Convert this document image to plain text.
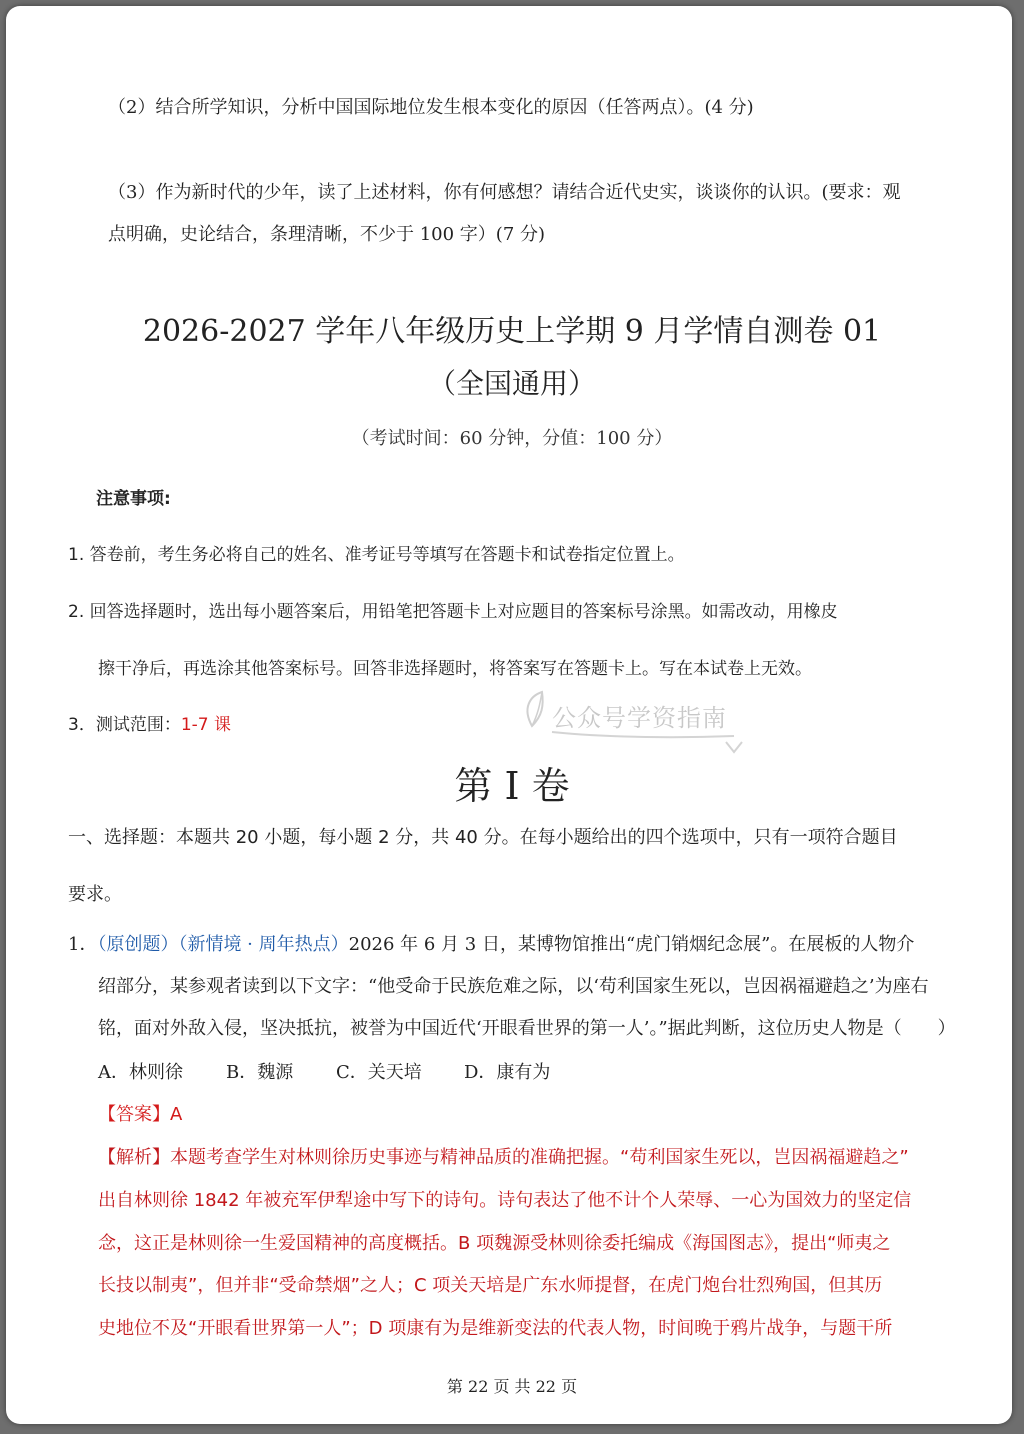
（2）结合所学知识，分析中国国际地位发生根本变化的原因（任答两点）。(4 分)
（3）作为新时代的少年，读了上述材料，你有何感想？请结合近代史实，谈谈你的认识。(要求：观
点明确，史论结合，条理清晰，不少于 100 字）(7 分)
2026-2027 学年八年级历史上学期 9 月学情自测卷 01
（全国通用）
（考试时间：60 分钟，分值：100 分）
注意事项:
1. 答卷前，考生务必将自己的姓名、准考证号等填写在答题卡和试卷指定位置上。
2. 回答选择题时，选出每小题答案后，用铅笔把答题卡上对应题目的答案标号涂黑。如需改动，用橡皮
擦干净后，再选涂其他答案标号。回答非选择题时，将答案写在答题卡上。写在本试卷上无效。
3．测试范围：1-7 课	公众号学资指南
第 I 卷
一、选择题：本题共 20 小题，每小题 2 分，共 40 分。在每小题给出的四个选项中，只有一项符合题目
要求。
1．（原创题）（新情境 · 周年热点）2026 年 6 月 3 日，某博物馆推出“虎门销烟纪念展”。在展板的人物介
绍部分，某参观者读到以下文字：“他受命于民族危难之际，以‘苟利国家生死以，岂因祸福避趋之’为座右
铭，面对外敌入侵，坚决抵抗，被誉为中国近代‘开眼看世界的第一人’。”据此判断，这位历史人物是（　　）
A．林则徐 B．魏源 C．关天培 D．康有为
【答案】A
【解析】本题考查学生对林则徐历史事迹与精神品质的准确把握。“苟利国家生死以，岂因祸福避趋之”
出自林则徐 1842 年被充军伊犁途中写下的诗句。诗句表达了他不计个人荣辱、一心为国效力的坚定信
念，这正是林则徐一生爱国精神的高度概括。B 项魏源受林则徐委托编成《海国图志》，提出“师夷之
长技以制夷”，但并非“受命禁烟”之人；C 项关天培是广东水师提督，在虎门炮台壮烈殉国，但其历
史地位不及“开眼看世界第一人”；D 项康有为是维新变法的代表人物，时间晚于鸦片战争，与题干所
第 22 页 共 22 页
